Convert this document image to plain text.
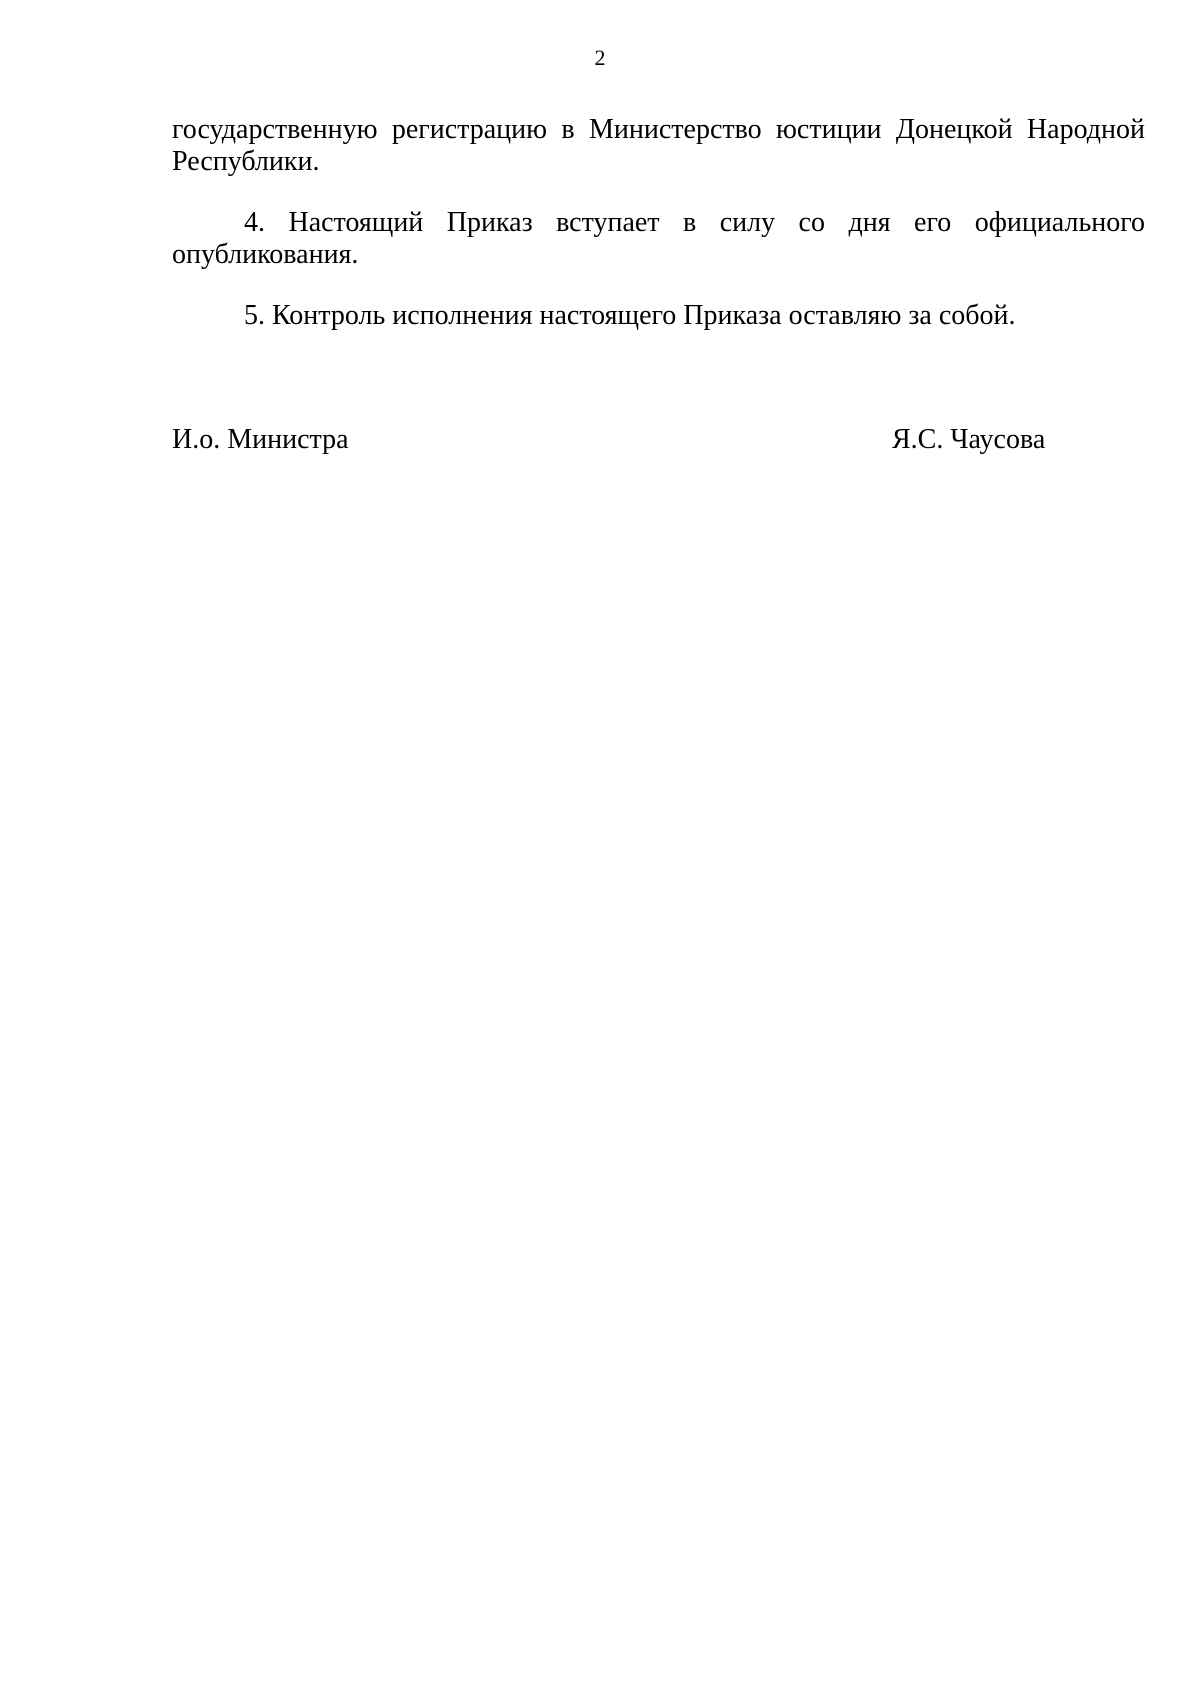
2
государственную регистрацию в Министерство юстиции Донецкой Народной Республики.
4. Настоящий Приказ вступает в силу со дня его официального опубликования.
5. Контроль исполнения настоящего Приказа оставляю за собой.
И.о. Министра	Я.С. Чаусова
